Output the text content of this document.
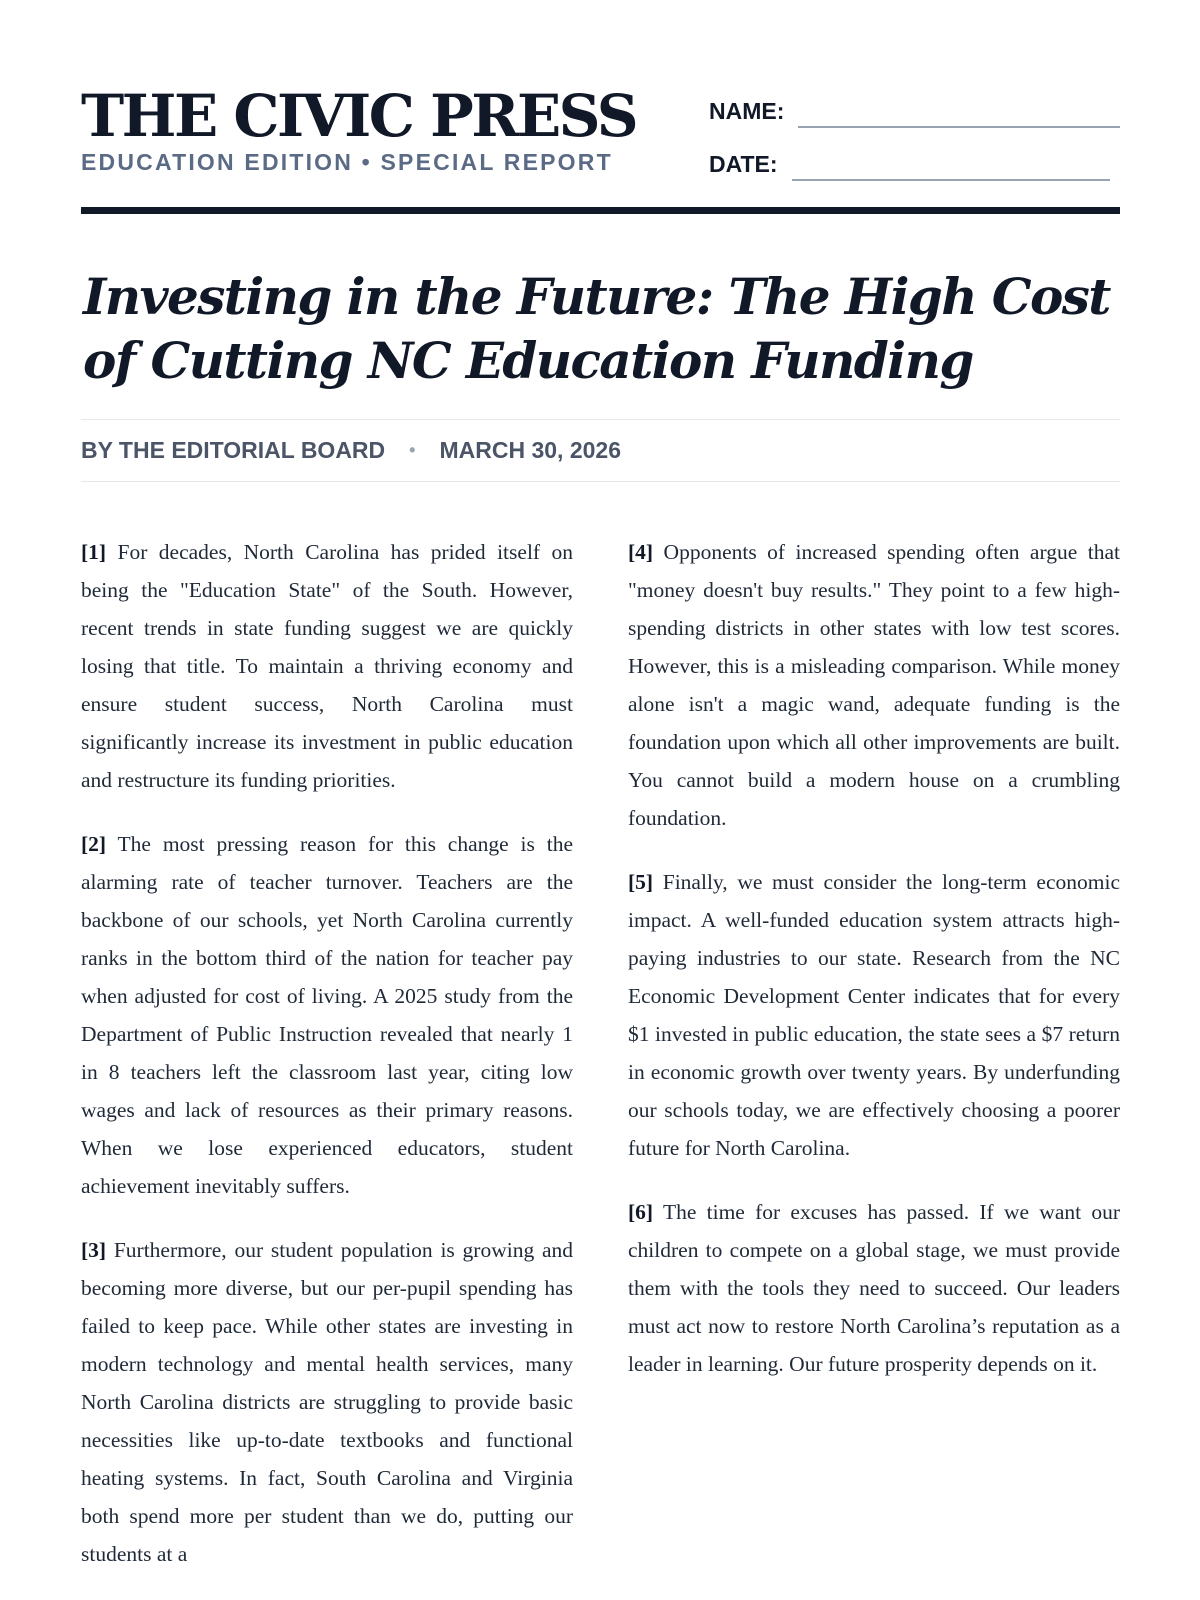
THE CIVIC PRESS
EDUCATION EDITION • SPECIAL REPORT
NAME:
DATE:
Investing in the Future: The High Cost of Cutting NC Education Funding
BY THE EDITORIAL BOARD • MARCH 30, 2026

[1] For decades, North Carolina has prided itself on being the "Education State" of the South. However, recent trends in state funding suggest we are quickly losing that title. To maintain a thriving economy and ensure student success, North Carolina must significantly increase its investment in public education and restructure its funding priorities.

[2] The most pressing reason for this change is the alarming rate of teacher turnover. Teachers are the backbone of our schools, yet North Carolina currently ranks in the bottom third of the nation for teacher pay when adjusted for cost of living. A 2025 study from the Department of Public Instruction revealed that nearly 1 in 8 teachers left the classroom last year, citing low wages and lack of resources as their primary reasons. When we lose experienced educators, student achievement inevitably suffers.

[3] Furthermore, our student population is growing and becoming more diverse, but our per-pupil spending has failed to keep pace. While other states are investing in modern technology and mental health services, many North Carolina districts are struggling to provide basic necessities like up-to-date textbooks and functional heating systems. In fact, South Carolina and Virginia both spend more per student than we do, putting our students at a

[4] Opponents of increased spending often argue that "money doesn't buy results." They point to a few high-spending districts in other states with low test scores. However, this is a misleading comparison. While money alone isn't a magic wand, adequate funding is the foundation upon which all other improvements are built. You cannot build a modern house on a crumbling foundation.

[5] Finally, we must consider the long-term economic impact. A well-funded education system attracts high-paying industries to our state. Research from the NC Economic Development Center indicates that for every $1 invested in public education, the state sees a $7 return in economic growth over twenty years. By underfunding our schools today, we are effectively choosing a poorer future for North Carolina.

[6] The time for excuses has passed. If we want our children to compete on a global stage, we must provide them with the tools they need to succeed. Our leaders must act now to restore North Carolina’s reputation as a leader in learning. Our future prosperity depends on it.
